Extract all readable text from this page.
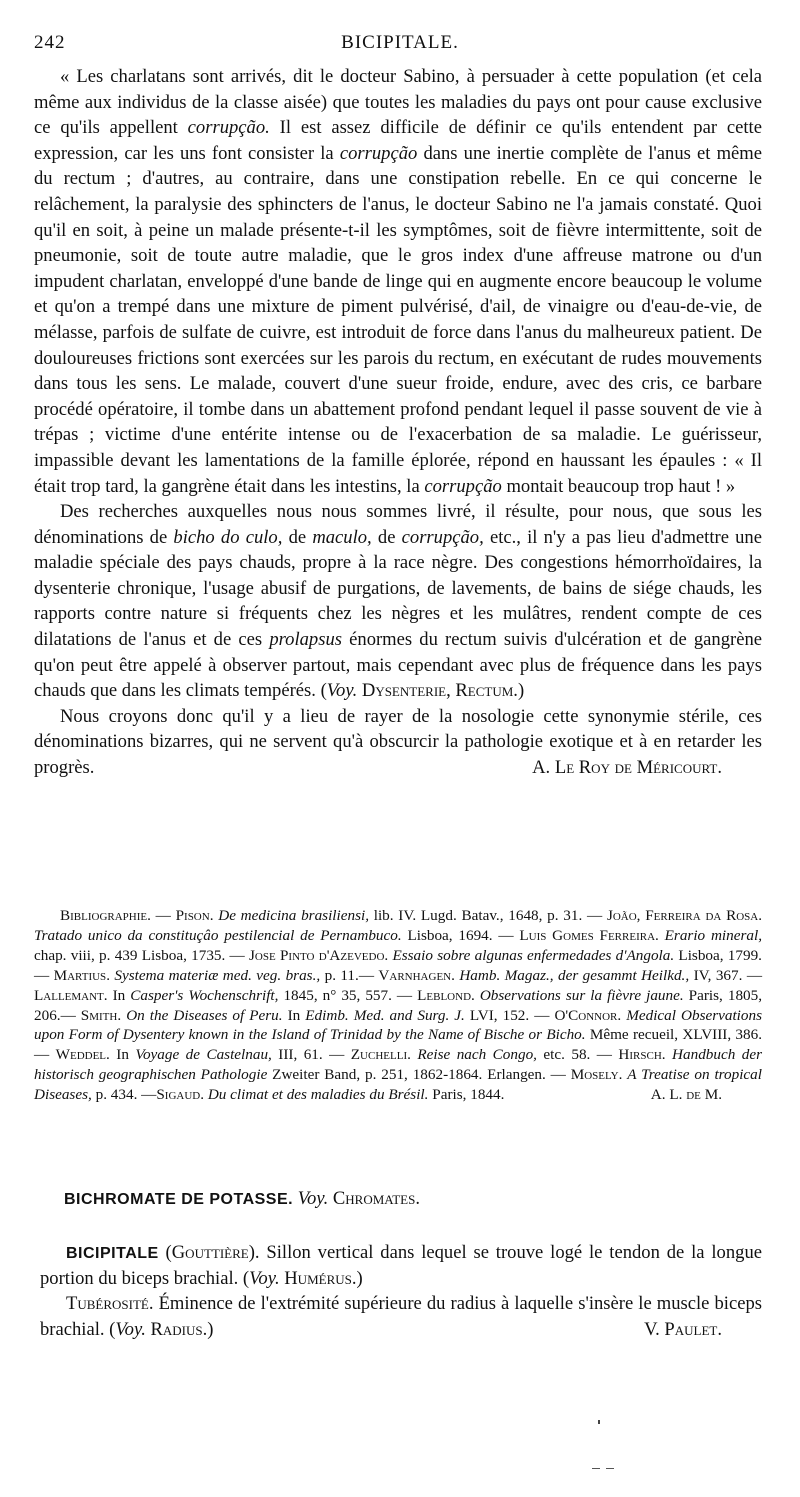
242	BICIPITALE.

« Les charlatans sont arrivés, dit le docteur Sabino, à persuader à cette population (et cela même aux individus de la classe aisée) que toutes les maladies du pays ont pour cause exclusive ce qu'ils appellent corrupção. Il est assez difficile de définir ce qu'ils entendent par cette expression, car les uns font consister la corrupção dans une inertie complète de l'anus et même du rectum ; d'autres, au contraire, dans une constipation rebelle. En ce qui concerne le relâchement, la paralysie des sphincters de l'anus, le docteur Sabino ne l'a jamais constaté. Quoi qu'il en soit, à peine un malade présente-t-il les symptômes, soit de fièvre intermittente, soit de pneumonie, soit de toute autre maladie, que le gros index d'une affreuse matrone ou d'un impudent charlatan, enveloppé d'une bande de linge qui en augmente encore beaucoup le volume et qu'on a trempé dans une mixture de piment pulvérisé, d'ail, de vinaigre ou d'eau-de-vie, de mélasse, parfois de sulfate de cuivre, est introduit de force dans l'anus du malheureux patient. De douloureuses frictions sont exercées sur les parois du rectum, en exécutant de rudes mouvements dans tous les sens. Le malade, couvert d'une sueur froide, endure, avec des cris, ce barbare procédé opératoire, il tombe dans un abattement profond pendant lequel il passe souvent de vie à trépas ; victime d'une entérite intense ou de l'exacerbation de sa maladie. Le guérisseur, impassible devant les lamentations de la famille éplorée, répond en haussant les épaules : « Il était trop tard, la gangrène était dans les intestins, la corrupção montait beaucoup trop haut ! »

Des recherches auxquelles nous nous sommes livré, il résulte, pour nous, que sous les dénominations de bicho do culo, de maculo, de corrupção, etc., il n'y a pas lieu d'admettre une maladie spéciale des pays chauds, propre à la race nègre. Des congestions hémorrhoïdaires, la dysenterie chronique, l'usage abusif de purgations, de lavements, de bains de siége chauds, les rapports contre nature si fréquents chez les nègres et les mulâtres, rendent compte de ces dilatations de l'anus et de ces prolapsus énormes du rectum suivis d'ulcération et de gangrène qu'on peut être appelé à observer partout, mais cependant avec plus de fréquence dans les pays chauds que dans les climats tempérés. (Voy. Dysenterie, Rectum.)

Nous croyons donc qu'il y a lieu de rayer de la nosologie cette synonymie stérile, ces dénominations bizarres, qui ne servent qu'à obscurcir la pathologie exotique et à en retarder les progrès.	A. Le Roy de Méricourt.

Bibliographie. — Pison. De medicina brasiliensi, lib. IV. Lugd. Batav., 1648, p. 31. — João, Ferreira da Rosa. Tratado unico da constituçâo pestilencial de Pernambuco. Lisboa, 1694. — Luis Gomes Ferreira. Erario mineral, chap. viii, p. 439 Lisboa, 1735. — Jose Pinto d'Azevedo. Essaio sobre algunas enfermedades d'Angola. Lisboa, 1799. — Martius. Systema materiæ med. veg. bras., p. 11.— Varnhagen. Hamb. Magaz., der gesammt Heilkd., IV, 367. — Lallemant. In Casper's Wochenschrift, 1845, n° 35, 557. — Leblond. Observations sur la fièvre jaune. Paris, 1805, 206.— Smith. On the Diseases of Peru. In Edimb. Med. and Surg. J. LVI, 152. — O'Connor. Medical Observations upon Form of Dysentery known in the Island of Trinidad by the Name of Bische or Bicho. Même recueil, XLVIII, 386. — Weddel. In Voyage de Castelnau, III, 61. — Zuchelli. Reise nach Congo, etc. 58. — Hirsch. Handbuch der historisch geographischen Pathologie Zweiter Band, p. 251, 1862-1864. Erlangen. — Mosely. A Treatise on tropical Diseases, p. 434. —Sigaud. Du climat et des maladies du Brésil. Paris, 1844.	A. L. de M.

BICHROMATE DE POTASSE. Voy. Chromates.

BICIPITALE (Gouttière). Sillon vertical dans lequel se trouve logé le tendon de la longue portion du biceps brachial. (Voy. Humérus.)

Tubérosité. Éminence de l'extrémité supérieure du radius à laquelle s'insère le muscle biceps brachial. (Voy. Radius.)	V. Paulet.
